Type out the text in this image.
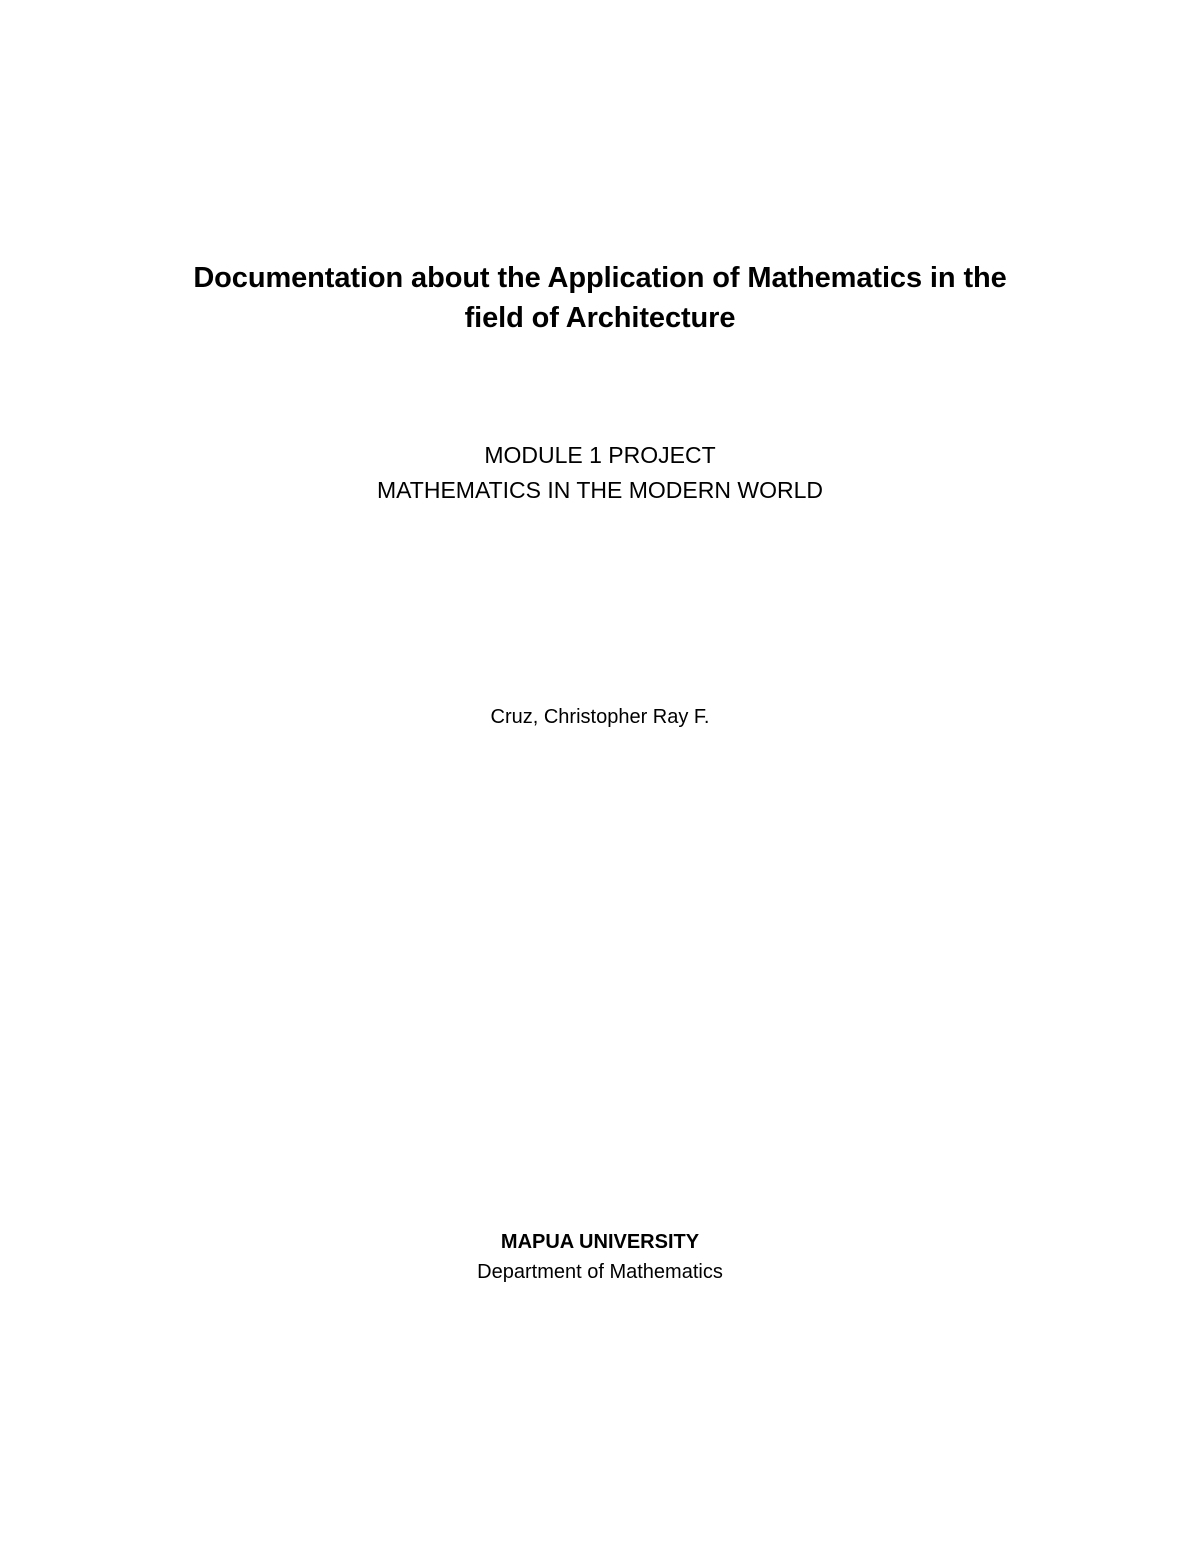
Documentation about the Application of Mathematics in the

field of Architecture

MODULE 1 PROJECT

MATHEMATICS IN THE MODERN WORLD

Cruz, Christopher Ray F.

MAPUA UNIVERSITY

Department of Mathematics
